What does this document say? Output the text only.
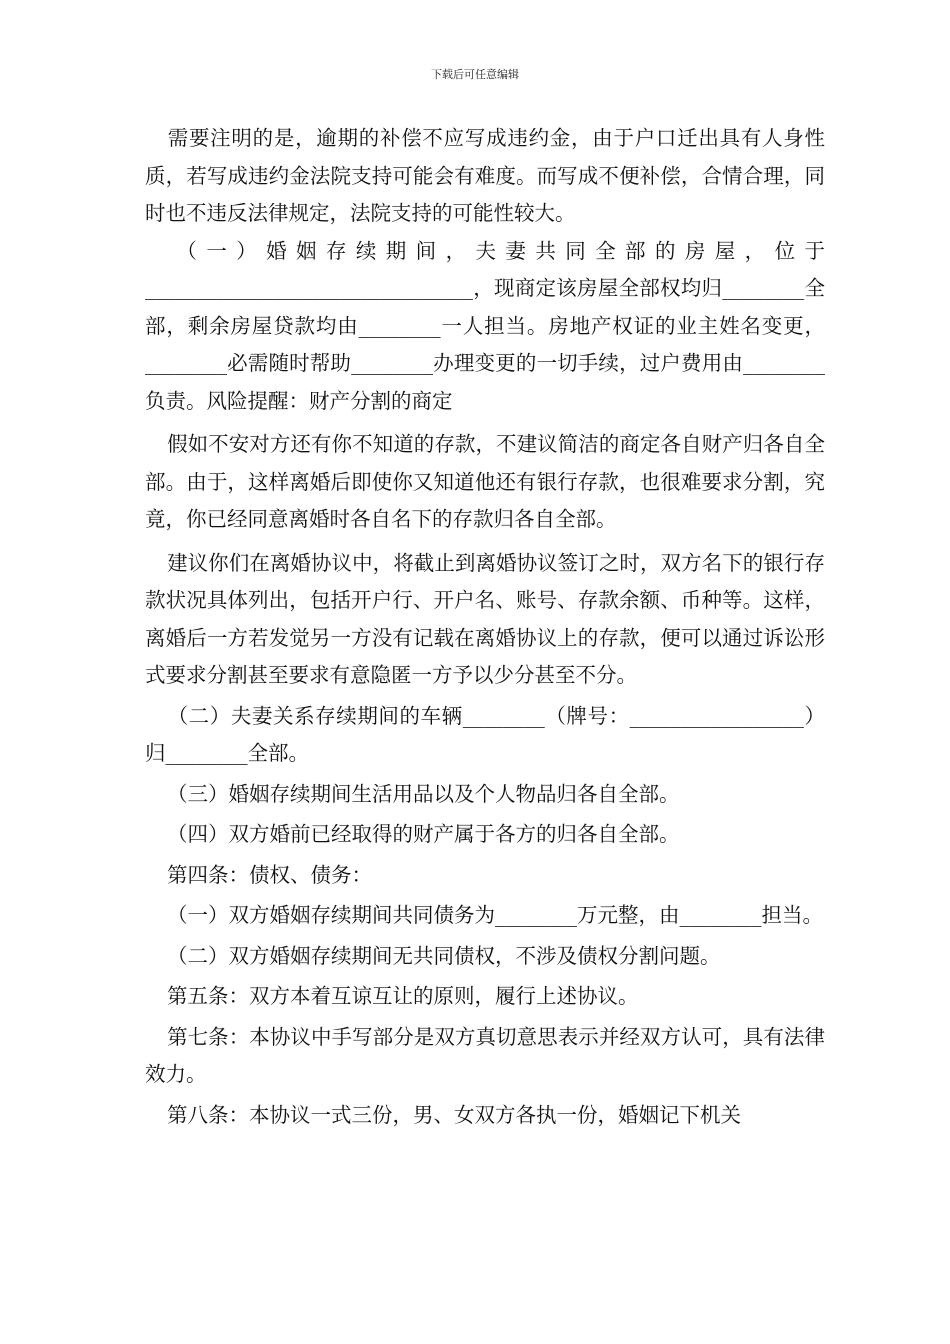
下载后可任意编辑

需要注明的是，逾期的补偿不应写成违约金，由于户口迁出具有人身性质，若写成违约金法院支持可能会有难度。而写成不便补偿，合情合理，同时也不违反法律规定，法院支持的可能性较大。

（一）婚姻存续期间，夫妻共同全部的房屋，位于________________________________，现商定该房屋全部权均归________全部，剩余房屋贷款均由________一人担当。房地产权证的业主姓名变更，________必需随时帮助________办理变更的一切手续，过户费用由________负责。风险提醒：财产分割的商定

假如不安对方还有你不知道的存款，不建议简洁的商定各自财产归各自全部。由于，这样离婚后即使你又知道他还有银行存款，也很难要求分割，究竟，你已经同意离婚时各自名下的存款归各自全部。

建议你们在离婚协议中，将截止到离婚协议签订之时，双方名下的银行存款状况具体列出，包括开户行、开户名、账号、存款余额、币种等。这样，离婚后一方若发觉另一方没有记载在离婚协议上的存款，便可以通过诉讼形式要求分割甚至要求有意隐匿一方予以少分甚至不分。

（二）夫妻关系存续期间的车辆________（牌号：_________________）归________全部。

（三）婚姻存续期间生活用品以及个人物品归各自全部。

（四）双方婚前已经取得的财产属于各方的归各自全部。

第四条：债权、债务：

（一）双方婚姻存续期间共同债务为________万元整，由________担当。

（二）双方婚姻存续期间无共同债权，不涉及债权分割问题。

第五条：双方本着互谅互让的原则，履行上述协议。

第七条：本协议中手写部分是双方真切意思表示并经双方认可，具有法律效力。

第八条：本协议一式三份，男、女双方各执一份，婚姻记下机关
